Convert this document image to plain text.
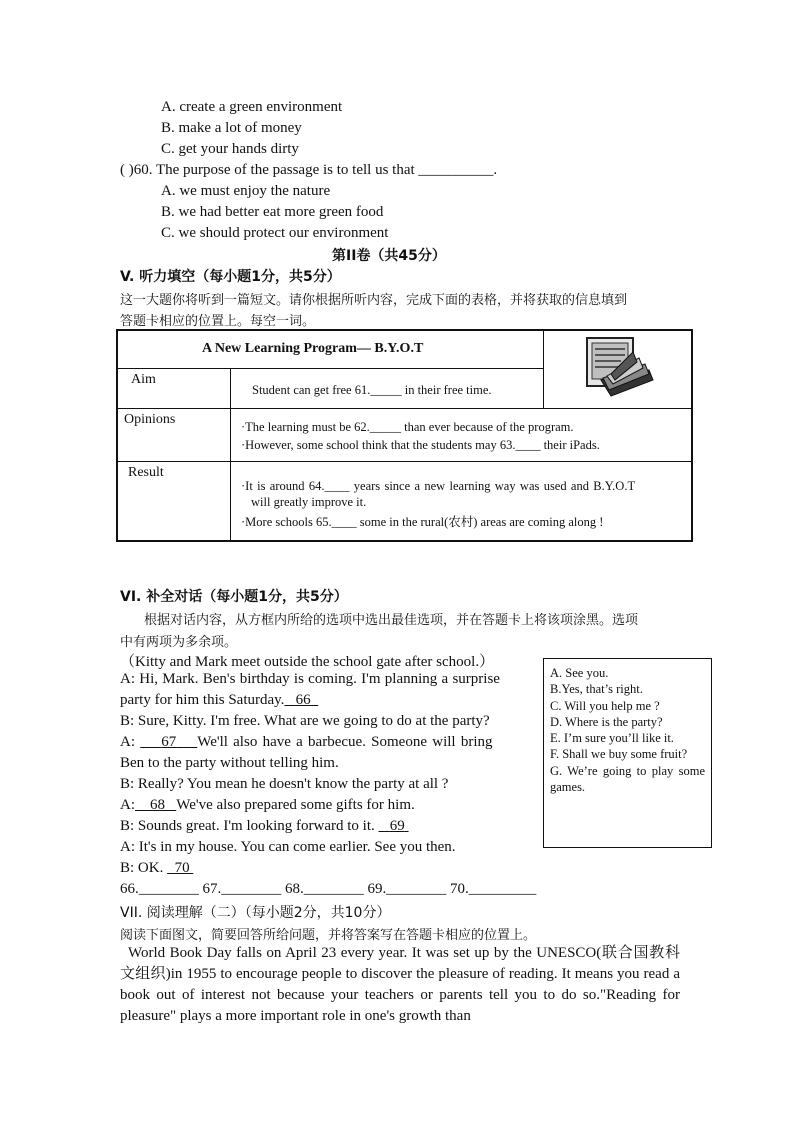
A. create a green environment
B. make a lot of money
C. get your hands dirty
( )60. The purpose of the passage is to tell us that __________.
A. we must enjoy the nature
B. we had better eat more green food
C. we should protect our environment
第II卷（共45分）
V. 听力填空（每小题1分，共5分）
这一大题你将听到一篇短文。请你根据所听内容，完成下面的表格，并将获取的信息填到
答题卡相应的位置上。每空一词。
A New Learning Program— B.Y.O.T
Aim
Student can get free 61._____ in their free time.
Opinions	·The learning must be 62._____ than ever because of the program.
·However, some school think that the students may 63.____ their iPads.
Result
·It is around 64.____ years since a new learning way was used and B.Y.O.T
will greatly improve it.
·More schools 65.____ some in the rural(农村) areas are coming along !
VI. 补全对话（每小题1分，共5分）
根据对话内容，从方框内所给的选项中选出最佳选项，并在答题卡上将该项涂黑。选项
中有两项为多余项。
（Kitty and Mark meet outside the school gate after school.）
A: Hi, Mark. Ben's birthday is coming. I'm planning a surprise
party for him this Saturday. 66
B: Sure, Kitty. I'm free. What are we going to do at the party?
A:     67 We'll also have a barbecue. Someone will bring
Ben to the party without telling him.
B: Really? You mean he doesn't know the party at all ?
A: 68 We've also prepared some gifts for him.
B: Sounds great. I'm looking forward to it.    69
A: It's in my house. You can come earlier. See you then.
B: OK.   70
A. See you.
B.Yes, that’s right.
C. Will you help me ?
D. Where is the party?
E. I’m sure you’ll like it.
F. Shall we buy some fruit?
G. We’re going to play some games.
66.________ 67.________ 68.________ 69.________ 70._________
VII. 阅读理解（二）（每小题2分，共10分）
阅读下面图文，简要回答所给问题，并将答案写在答题卡相应的位置上。
World Book Day falls on April 23 every year. It was set up by the UNESCO(联合国教科文组织)in 1955 to encourage people to discover the pleasure of reading. It means you read a book out of interest not because your teachers or parents tell you to do so."Reading for pleasure" plays a more important role in one's growth than
